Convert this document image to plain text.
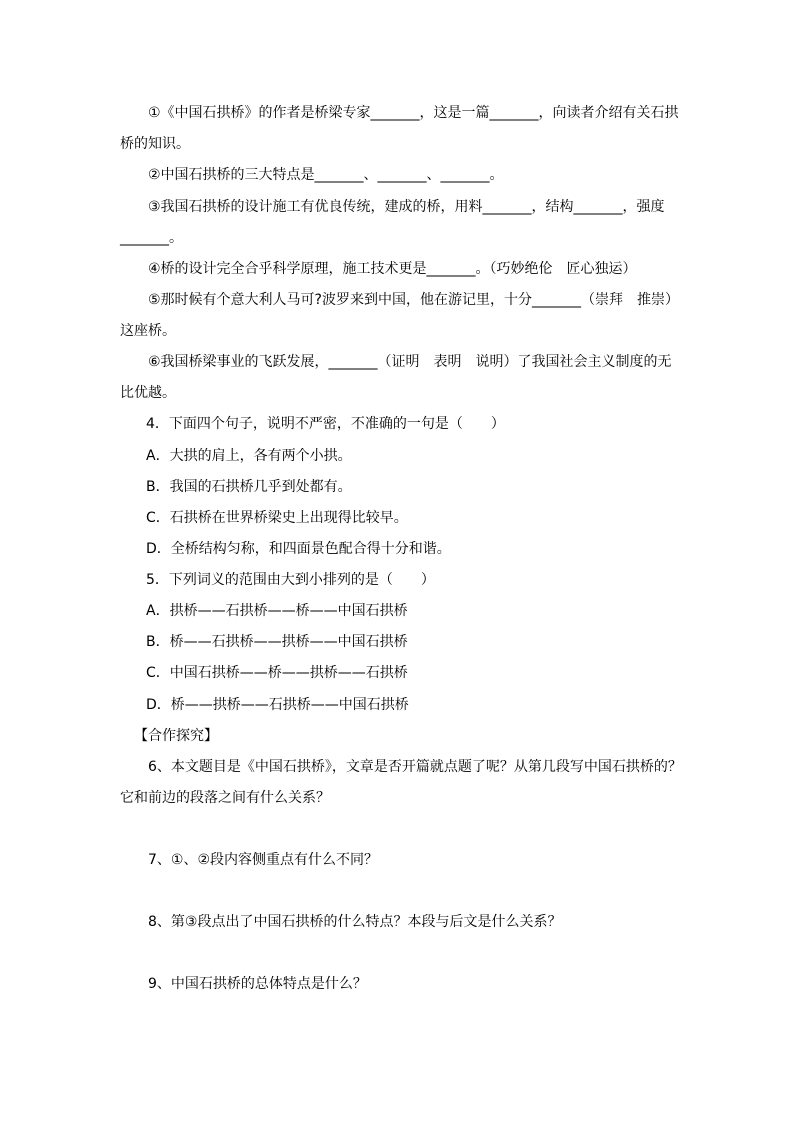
①《中国石拱桥》的作者是桥梁专家_______，这是一篇_______，向读者介绍有关石拱
桥的知识。
②中国石拱桥的三大特点是_______、_______、_______。
③我国石拱桥的设计施工有优良传统，建成的桥，用料_______，结构_______，强度
_______。
④桥的设计完全合乎科学原理，施工技术更是_______。（巧妙绝伦　匠心独运）
⑤那时候有个意大利人马可?波罗来到中国，他在游记里，十分_______（崇拜　推崇）
这座桥。
⑥我国桥梁事业的飞跃发展，_______（证明　表明　说明）了我国社会主义制度的无
比优越。
4．下面四个句子，说明不严密，不准确的一句是（　　）
A．大拱的肩上，各有两个小拱。
B．我国的石拱桥几乎到处都有。
C．石拱桥在世界桥梁史上出现得比较早。
D．全桥结构匀称，和四面景色配合得十分和谐。
5．下列词义的范围由大到小排列的是（　　）
A．拱桥——石拱桥——桥——中国石拱桥
B．桥——石拱桥——拱桥——中国石拱桥
C．中国石拱桥——桥——拱桥——石拱桥
D．桥——拱桥——石拱桥——中国石拱桥
【合作探究】
6、本文题目是《中国石拱桥》，文章是否开篇就点题了呢？从第几段写中国石拱桥的？
它和前边的段落之间有什么关系？
7、①、②段内容侧重点有什么不同？
8、第③段点出了中国石拱桥的什么特点？本段与后文是什么关系？
9、中国石拱桥的总体特点是什么？
